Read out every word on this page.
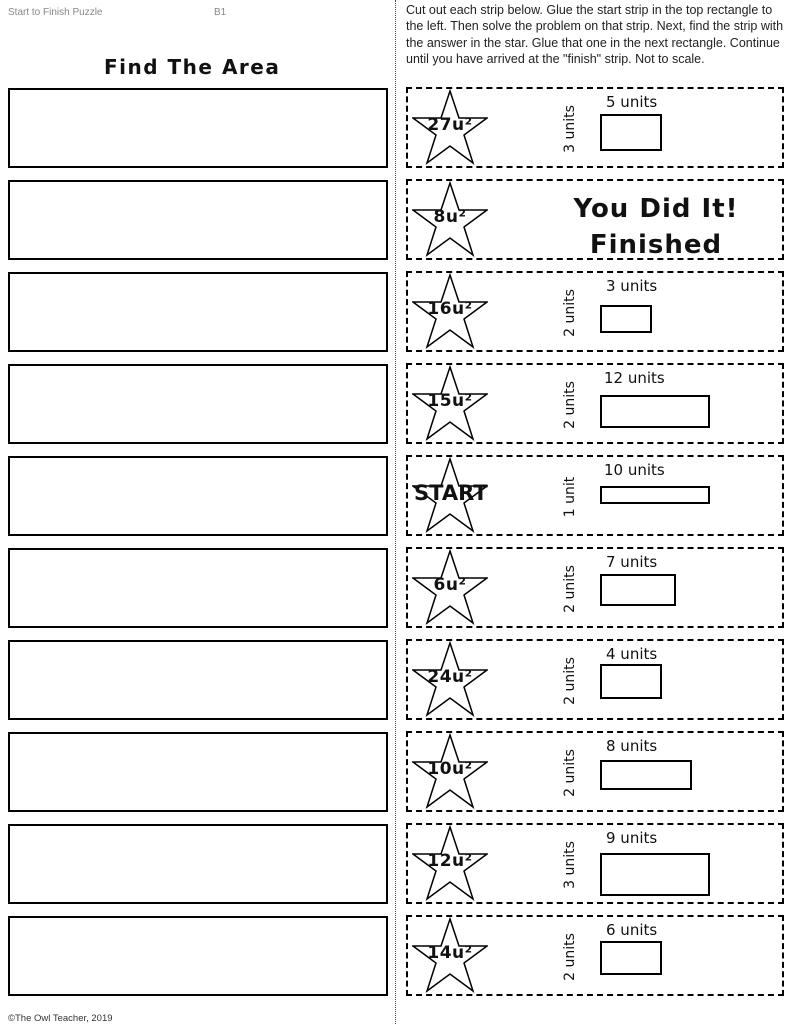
Start to Finish Puzzle	B1
Find The Area
Cut out each strip below. Glue the start strip in the top rectangle to the left. Then solve the problem on that strip. Next, find the strip with the answer in the star. Glue that one in the next rectangle. Continue until you have arrived at the "finish" strip. Not to scale.
27u²	3 units
5 units
8u²	You Did It!
Finished
16u²	2 units
3 units
15u²	2 units
12 units
START	1 unit
10 units
6u²	2 units
7 units
24u²	2 units
4 units
10u²	2 units
8 units
12u²	3 units
9 units
14u²	2 units
6 units
©The Owl Teacher, 2019
